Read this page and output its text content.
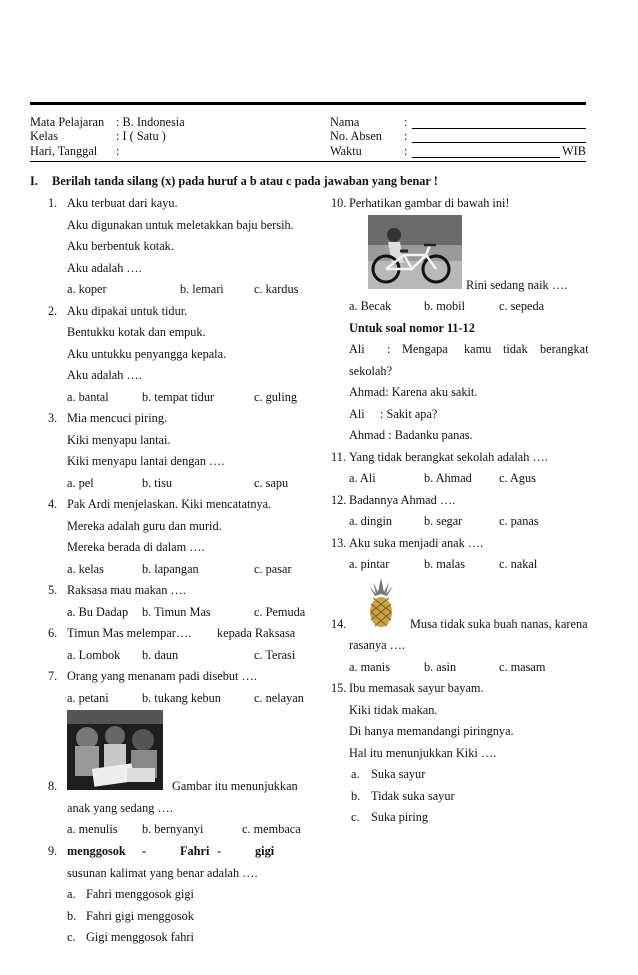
Mata Pelajaran : B. Indonesia
Kelas	: I ( Satu )
Hari, Tanggal :
Nama	:
No. Absen :
Waktu	:	WIB
I. Berilah tanda silang (x) pada huruf a b atau c pada jawaban yang benar !
1. Aku terbuat dari kayu.
Aku digunakan untuk meletakkan baju bersih.
Aku berbentuk kotak.
Aku adalah ….
a. koper	b. lemari c. kardus
2. Aku dipakai untuk tidur.
Bentukku kotak dan empuk.
Aku untukku penyangga kepala.
Aku adalah ….
a. bantal	b. tempat tidur	c. guling
3. Mia mencuci piring.
Kiki menyapu lantai.
Kiki menyapu lantai dengan ….
a. pel	b. tisu	c. sapu
4. Pak Ardi menjelaskan. Kiki mencatatnya.
Mereka adalah guru dan murid.
Mereka berada di dalam ….
a. kelas	b. lapangan	c. pasar
5. Raksasa mau makan ….
a. Bu Dadap b. Timun Mas	c. Pemuda
6. Timun Mas melempar…. kepada Raksasa
a. Lombok b. daun	c. Terasi
7. Orang yang menanam padi disebut ….
a. petani	b. tukang kebun	c. nelayan
8.	Gambar itu menunjukkan
anak yang sedang ….
a. menulis b. bernyanyi	c. membaca
9. menggosok -	Fahri -	gigi
susunan kalimat yang benar adalah ….
a. Fahri menggosok gigi
b. Fahri gigi menggosok
c. Gigi menggosok fahri
10. Perhatikan gambar di bawah ini!
Rini sedang naik ….
a. Becak	b. mobil	c. sepeda
Untuk soal nomor 11-12
Ali : Mengapa kamu tidak berangkat
sekolah?
Ahmad: Karena aku sakit.
Ali : Sakit apa?
Ahmad : Badanku panas.
11. Yang tidak berangkat sekolah adalah ….
a. Ali	b. Ahmad c. Agus
12. Badannya Ahmad ….
a. dingin	b. segar	c. panas
13. Aku suka menjadi anak ….
a. pintar	b. malas	c. nakal
14.	Musa tidak suka buah nanas, karena
rasanya ….
a. manis	b. asin	c. masam
15. Ibu memasak sayur bayam.
Kiki tidak makan.
Di hanya memandangi piringnya.
Hal itu menunjukkan Kiki ….
a. Suka sayur
b. Tidak suka sayur
c. Suka piring
